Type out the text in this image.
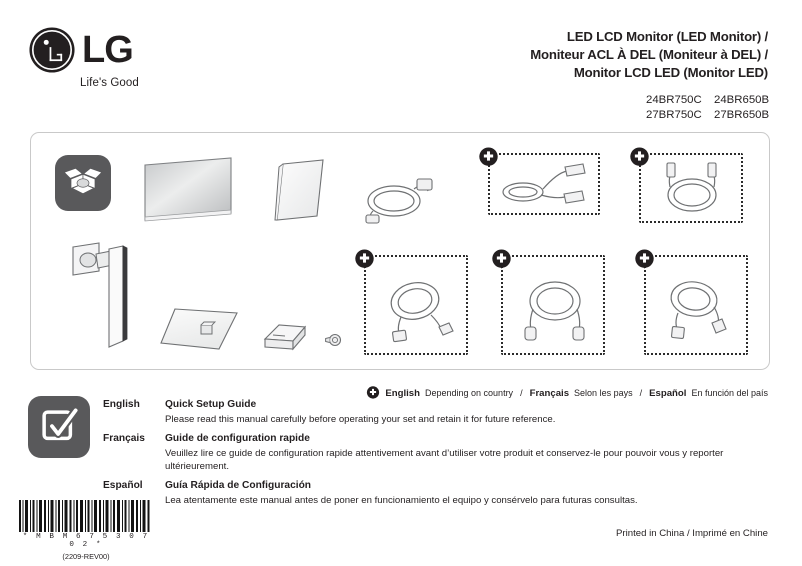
LG
Life's Good
LED LCD Monitor (LED Monitor) /
Moniteur ACL À DEL (Moniteur à DEL) /
Monitor LCD LED (Monitor LED)
24BR750C 24BR650B
27BR750C 27BR650B
English Depending on country / Français Selon les pays / Español En función del país
English	Quick Setup Guide
Please read this manual carefully before operating your set and retain it for future reference.
Français	Guide de configuration rapide
Veuillez lire ce guide de configuration rapide attentivement avant d’utiliser votre produit et conservez-le pour pouvoir vous y reporter ultérieurement.
Español	Guía Rápida de Configuración
Lea atentamente este manual antes de poner en funcionamiento el equipo y consérvelo para futuras consultas.
* M B M 6 7 5 3 0 7 0 2 *
(2209-REV00)
Printed in China / Imprimé en Chine
